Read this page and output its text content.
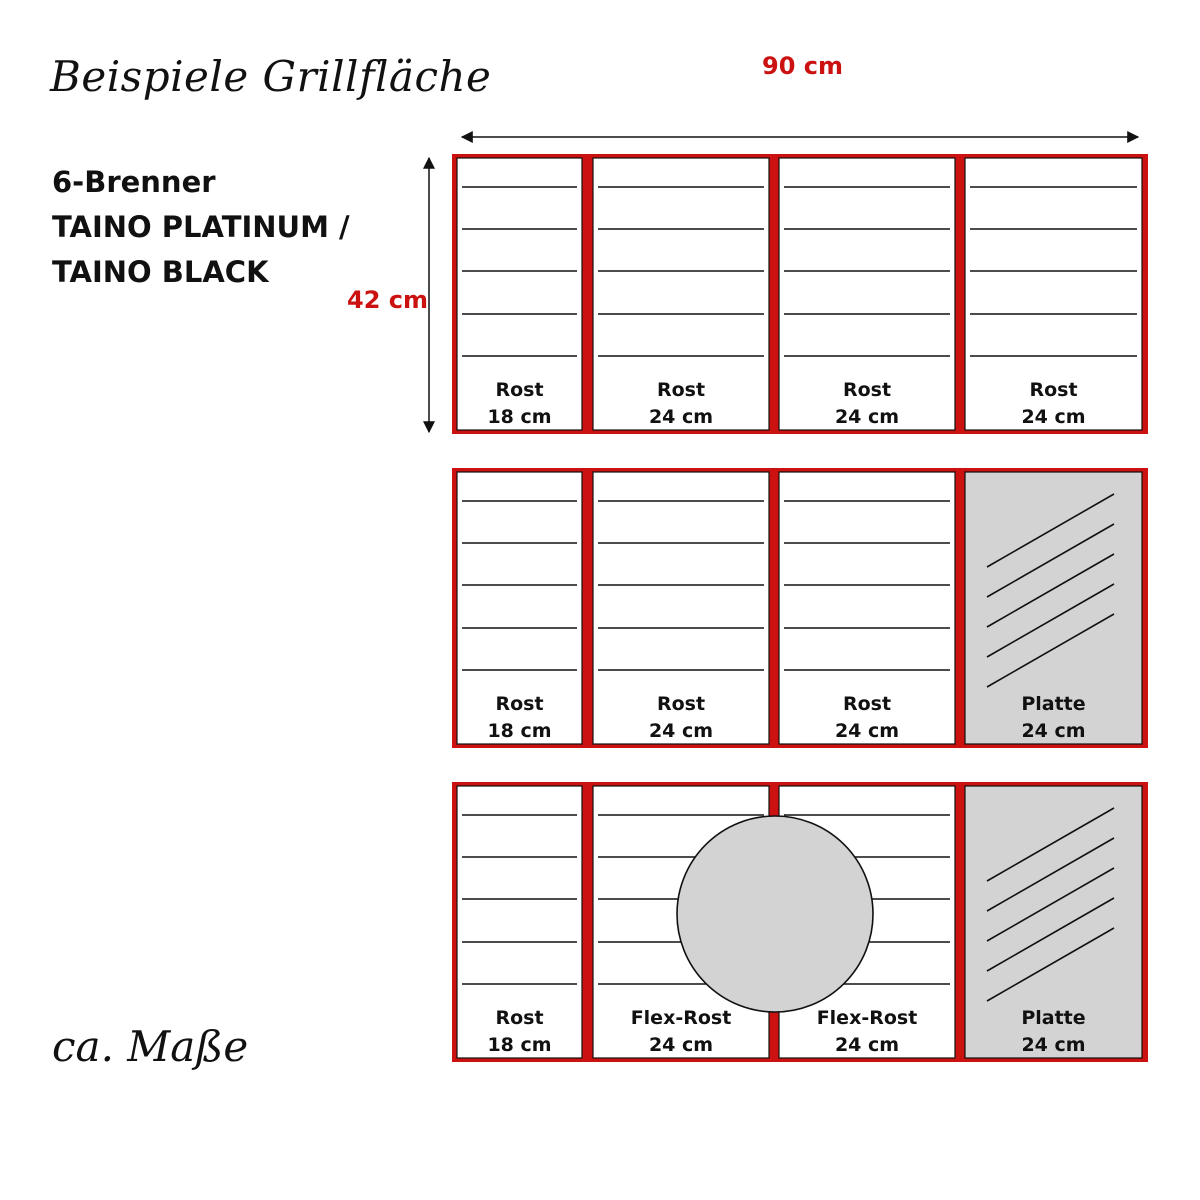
Beispiele Grillfläche
6-Brenner
TAINO PLATINUM /
TAINO BLACK
90 cm
42 cm
ca. Maße
Rost
18 cm
Rost
24 cm
Rost
24 cm
Rost
24 cm
Rost
18 cm
Rost
24 cm
Rost
24 cm
Platte
24 cm
Rost
18 cm
Flex-Rost
24 cm
Flex-Rost
24 cm
Platte
24 cm
